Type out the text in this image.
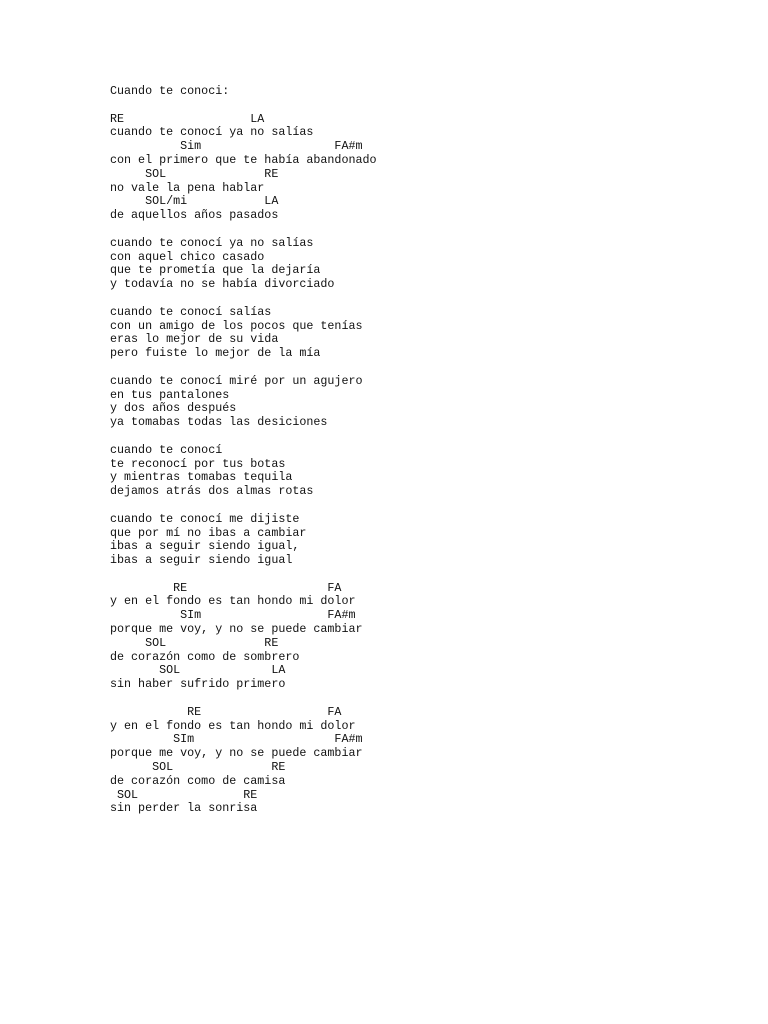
Cuando te conoci:
RE                  LA
cuando te conocí ya no salías
Sim                   FA#m
con el primero que te había abandonado
SOL              RE
no vale la pena hablar
SOL/mi           LA
de aquellos años pasados
cuando te conocí ya no salías
con aquel chico casado
que te prometía que la dejaría
y todavía no se había divorciado
cuando te conocí salías
con un amigo de los pocos que tenías
eras lo mejor de su vida
pero fuiste lo mejor de la mía
cuando te conocí miré por un agujero
en tus pantalones
y dos años después
ya tomabas todas las desiciones
cuando te conocí
te reconocí por tus botas
y mientras tomabas tequila
dejamos atrás dos almas rotas
cuando te conocí me dijiste
que por mí no ibas a cambiar
ibas a seguir siendo igual,
ibas a seguir siendo igual
RE                    FA
y en el fondo es tan hondo mi dolor
SIm                  FA#m
porque me voy, y no se puede cambiar
SOL              RE
de corazón como de sombrero
SOL             LA
sin haber sufrido primero
RE                  FA
y en el fondo es tan hondo mi dolor
SIm                    FA#m
porque me voy, y no se puede cambiar
SOL              RE
de corazón como de camisa
SOL               RE
sin perder la sonrisa
